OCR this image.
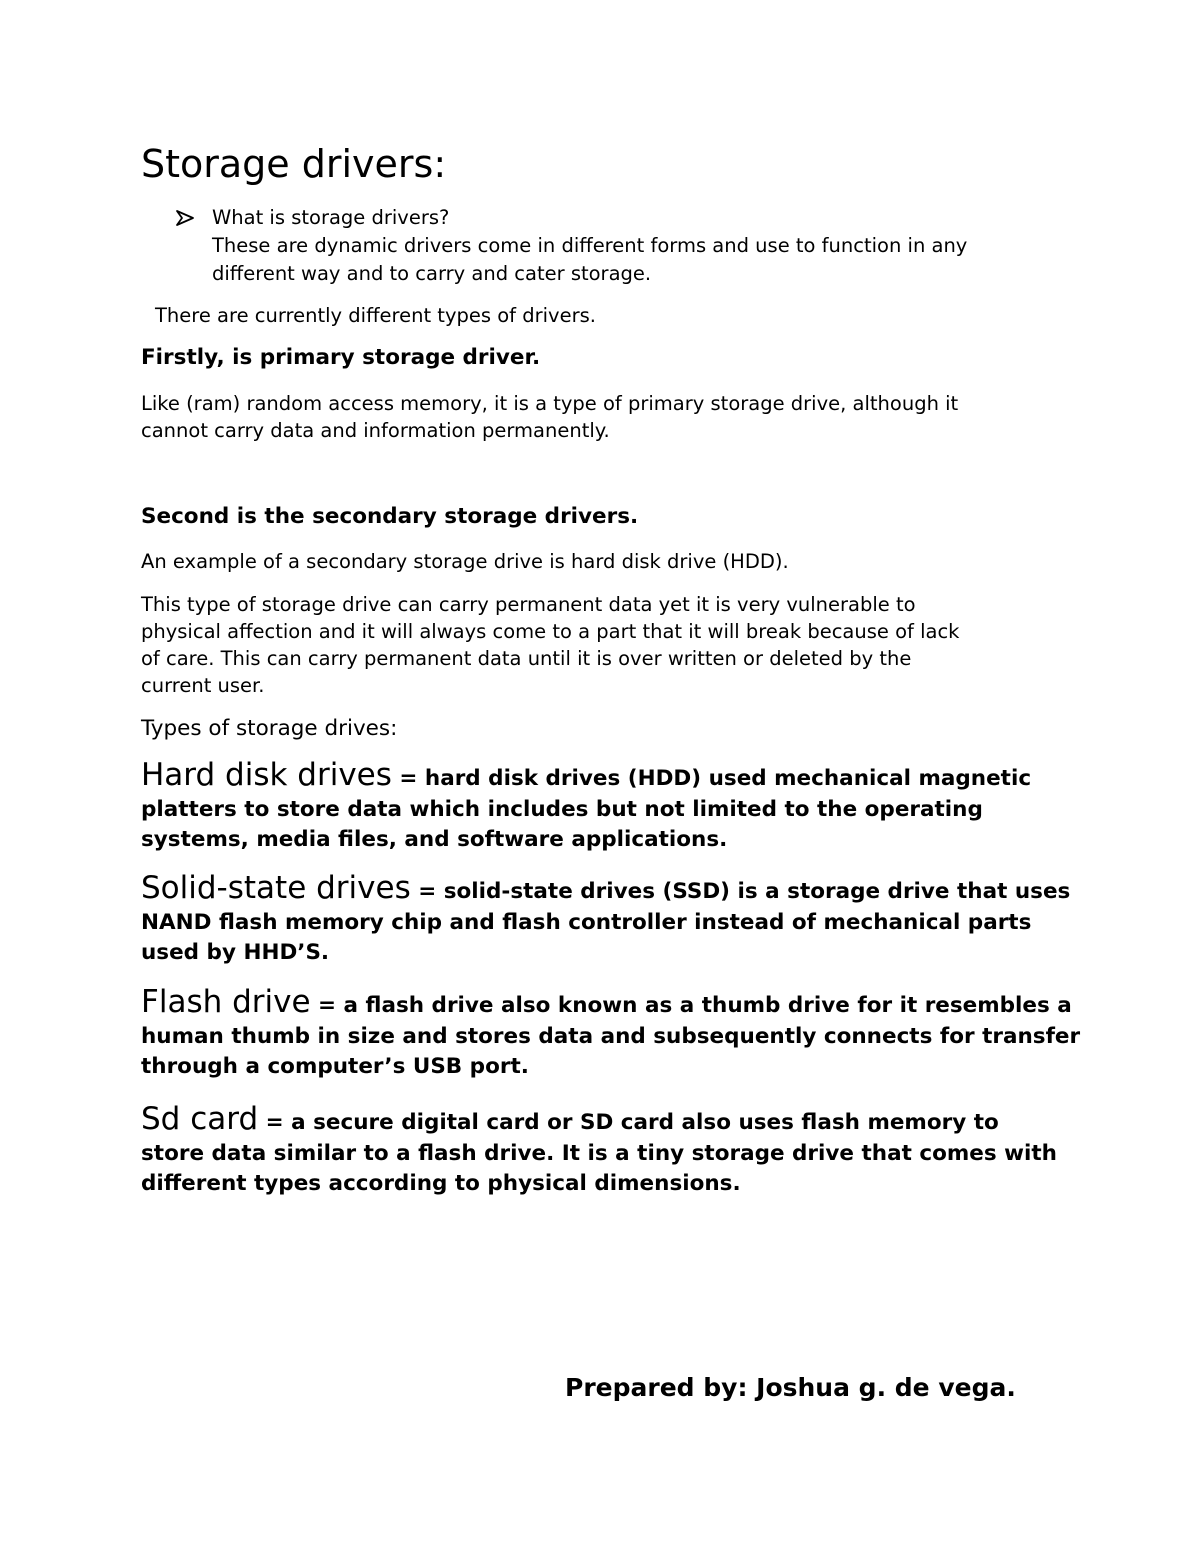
Storage drivers:
What is storage drivers?
These are dynamic drivers come in different forms and use to function in any
different way and to carry and cater storage.
There are currently different types of drivers.
Firstly, is primary storage driver.
Like (ram) random access memory, it is a type of primary storage drive, although it
cannot carry data and information permanently.
Second is the secondary storage drivers.
An example of a secondary storage drive is hard disk drive (HDD).
This type of storage drive can carry permanent data yet it is very vulnerable to
physical affection and it will always come to a part that it will break because of lack
of care. This can carry permanent data until it is over written or deleted by the
current user.
Types of storage drives:
Hard disk drives = hard disk drives (HDD) used mechanical magnetic
platters to store data which includes but not limited to the operating
systems, media files, and software applications.
Solid-state drives = solid-state drives (SSD) is a storage drive that uses
NAND flash memory chip and flash controller instead of mechanical parts
used by HHD’S.
Flash drive = a flash drive also known as a thumb drive for it resembles a
human thumb in size and stores data and subsequently connects for transfer
through a computer’s USB port.
Sd card = a secure digital card or SD card also uses flash memory to
store data similar to a flash drive. It is a tiny storage drive that comes with
different types according to physical dimensions.
Prepared by: Joshua g. de vega.
